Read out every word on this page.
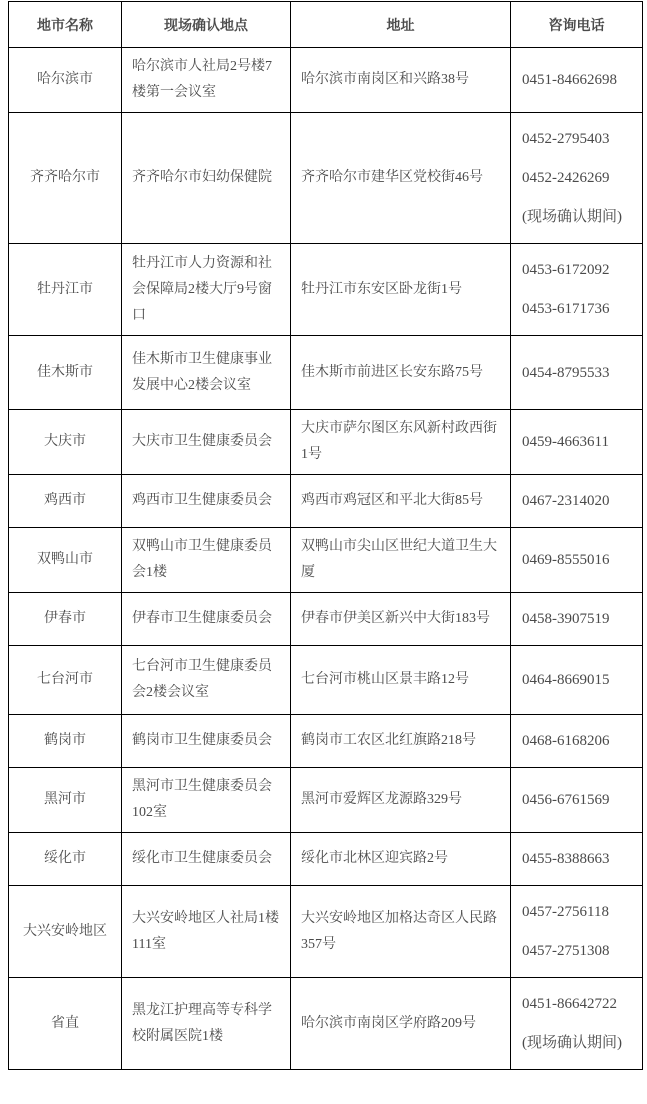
地市名称	现场确认地点	地址	咨询电话
哈尔滨市	哈尔滨市人社局2号楼7楼第一会议室	哈尔滨市南岗区和兴路38号	0451-84662698

齐齐哈尔市	齐齐哈尔市妇幼保健院	齐齐哈尔市建华区党校街46号	0452-2795403
0452-2426269
(现场确认期间)

牡丹江市	牡丹江市人力资源和社会保障局2楼大厅9号窗口	牡丹江市东安区卧龙街1号	0453-6172092
0453-6171736

佳木斯市	佳木斯市卫生健康事业发展中心2楼会议室	佳木斯市前进区长安东路75号	0454-8795533

大庆市	大庆市卫生健康委员会	大庆市萨尔图区东风新村政西街1号	0459-4663611

鸡西市	鸡西市卫生健康委员会	鸡西市鸡冠区和平北大街85号	0467-2314020

双鸭山市	双鸭山市卫生健康委员会1楼	双鸭山市尖山区世纪大道卫生大厦	0469-8555016

伊春市	伊春市卫生健康委员会	伊春市伊美区新兴中大街183号	0458-3907519

七台河市	七台河市卫生健康委员会2楼会议室	七台河市桃山区景丰路12号	0464-8669015

鹤岗市	鹤岗市卫生健康委员会	鹤岗市工农区北红旗路218号	0468-6168206

黑河市	黑河市卫生健康委员会102室	黑河市爱辉区龙源路329号	0456-6761569

绥化市	绥化市卫生健康委员会	绥化市北林区迎宾路2号	0455-8388663

大兴安岭地区	大兴安岭地区人社局1楼111室	大兴安岭地区加格达奇区人民路357号	0457-2756118
0457-2751308

省直	黑龙江护理高等专科学校附属医院1楼	哈尔滨市南岗区学府路209号	0451-86642722
(现场确认期间)
